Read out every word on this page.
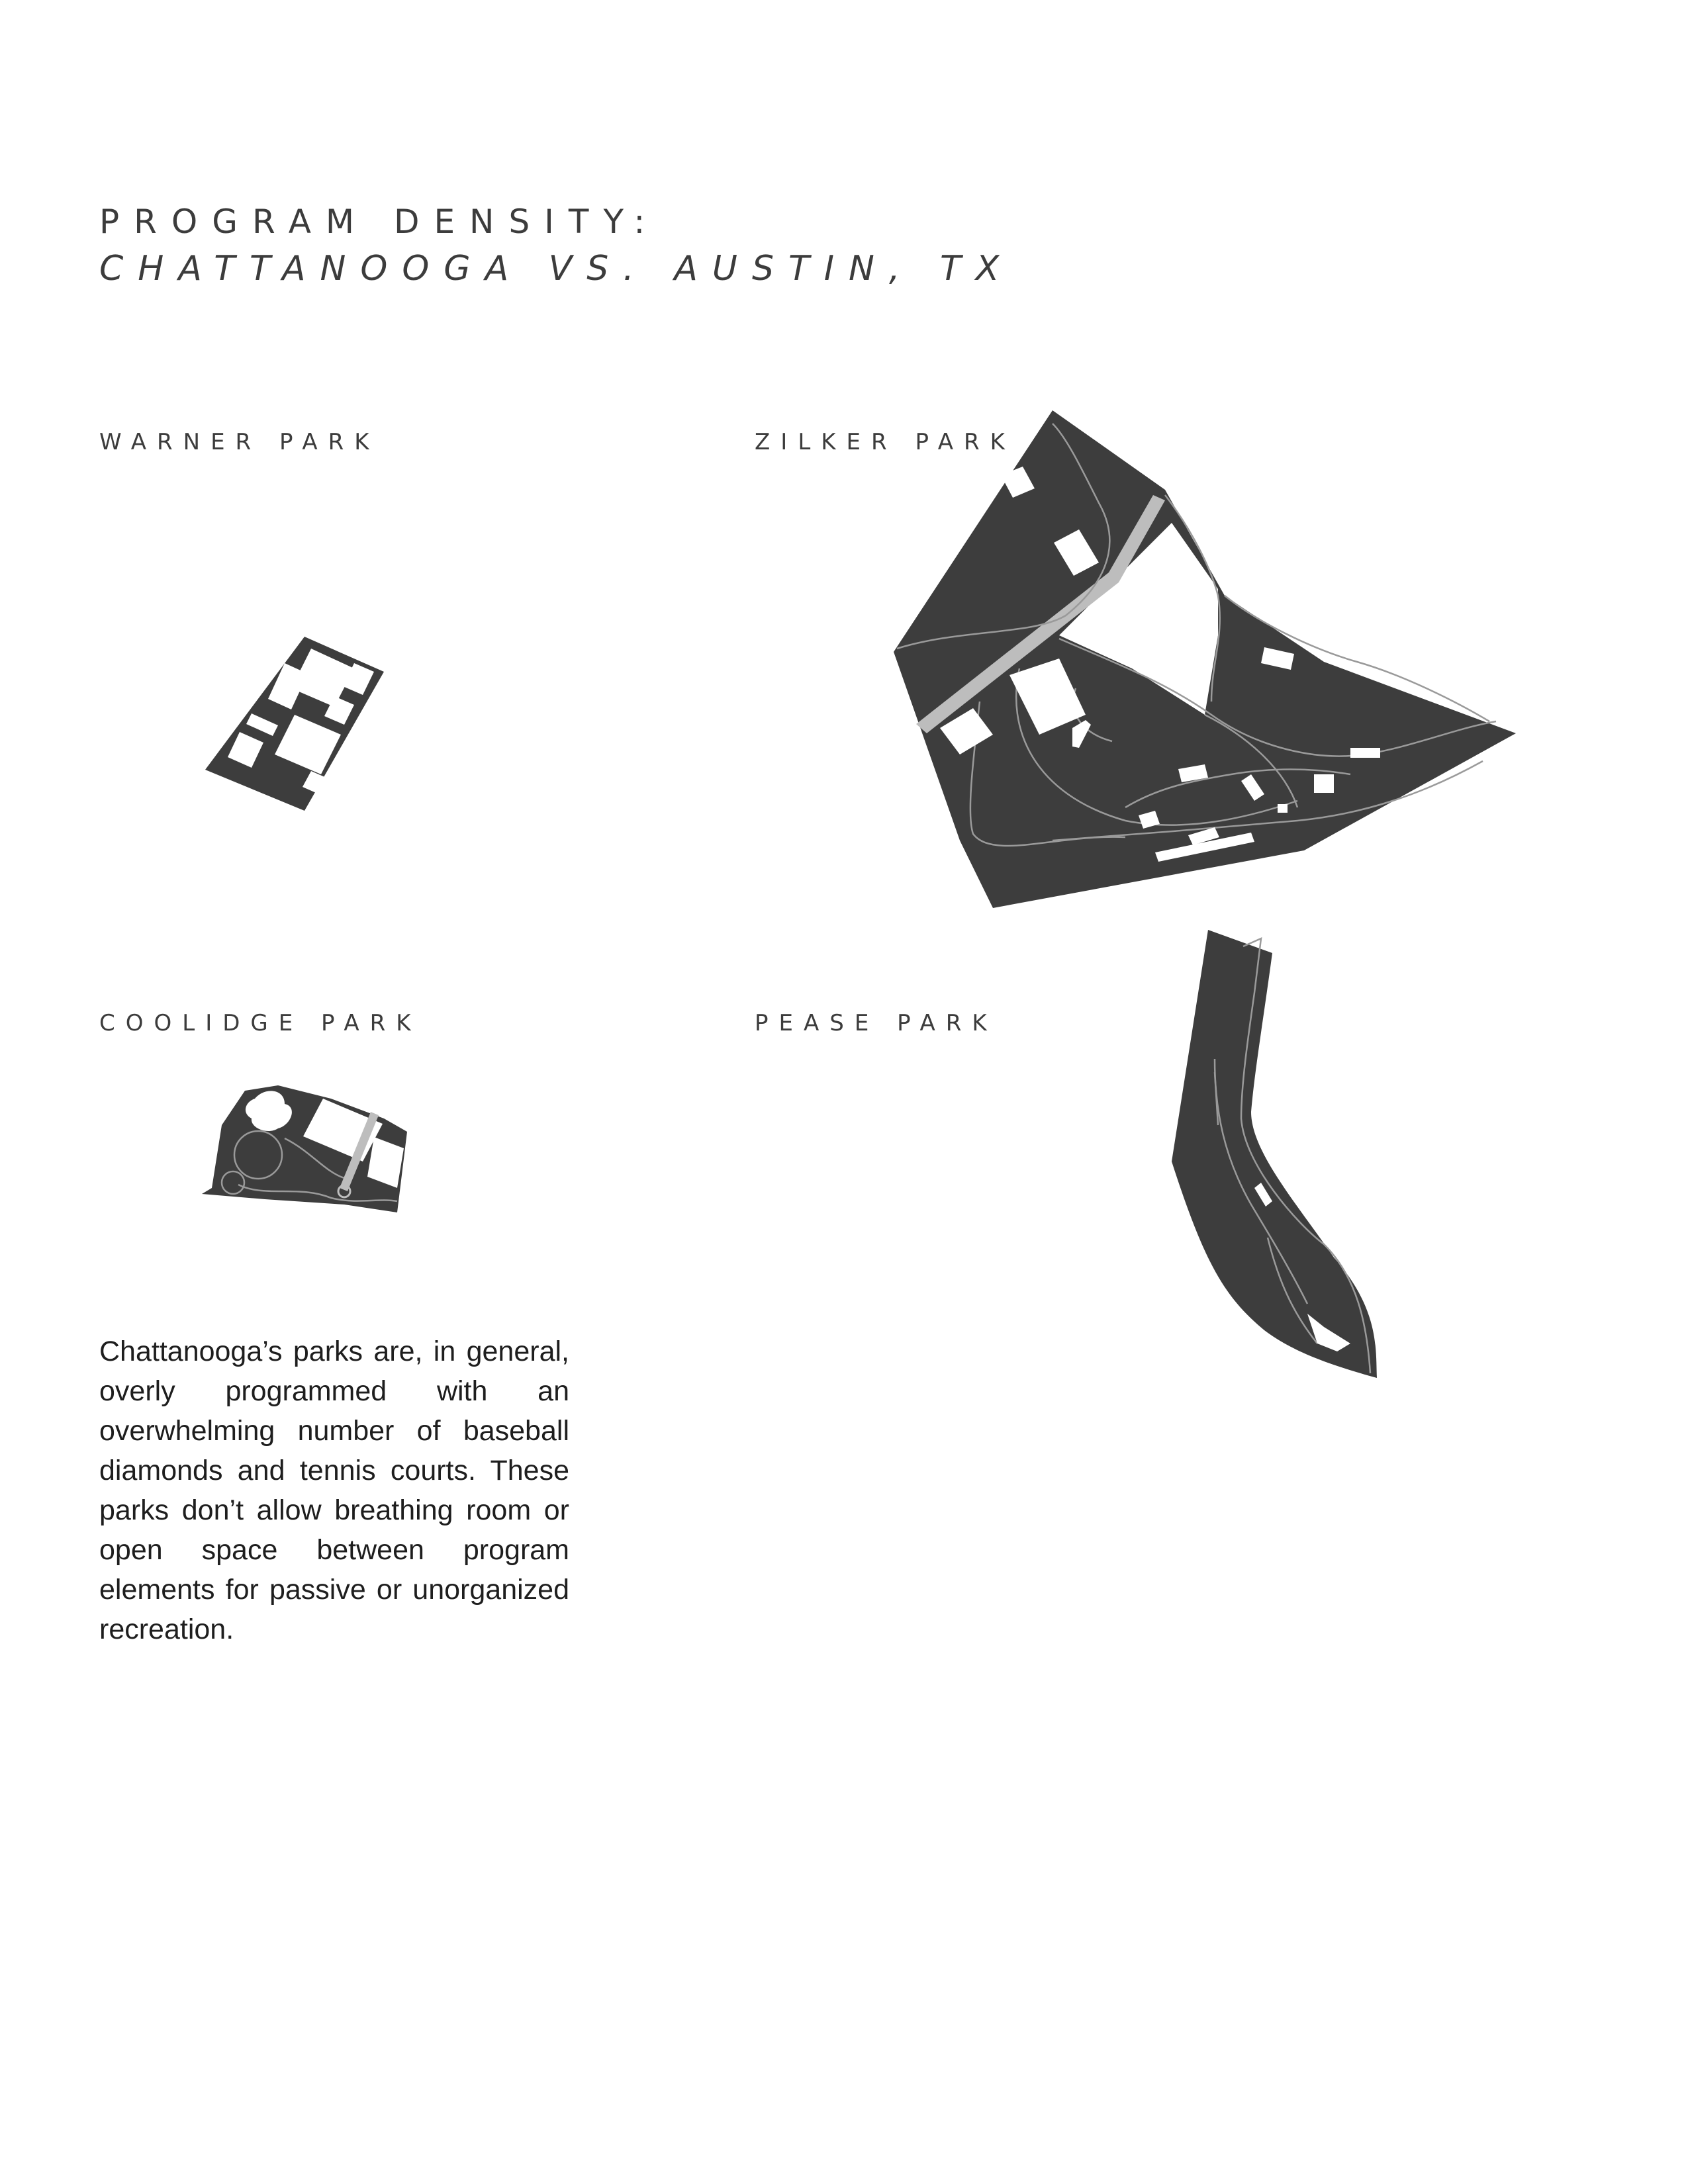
PROGRAM DENSITY:
CHATTANOOGA VS. AUSTIN, TX
WARNER PARK	ZILKER PARK
COOLIDGE PARK	PEASE PARK

Chattanooga’s parks are, in general, overly programmed with an overwhelming number of baseball diamonds and tennis courts. These parks don’t allow breathing room or open space between program elements for passive or unorganized recreation.
